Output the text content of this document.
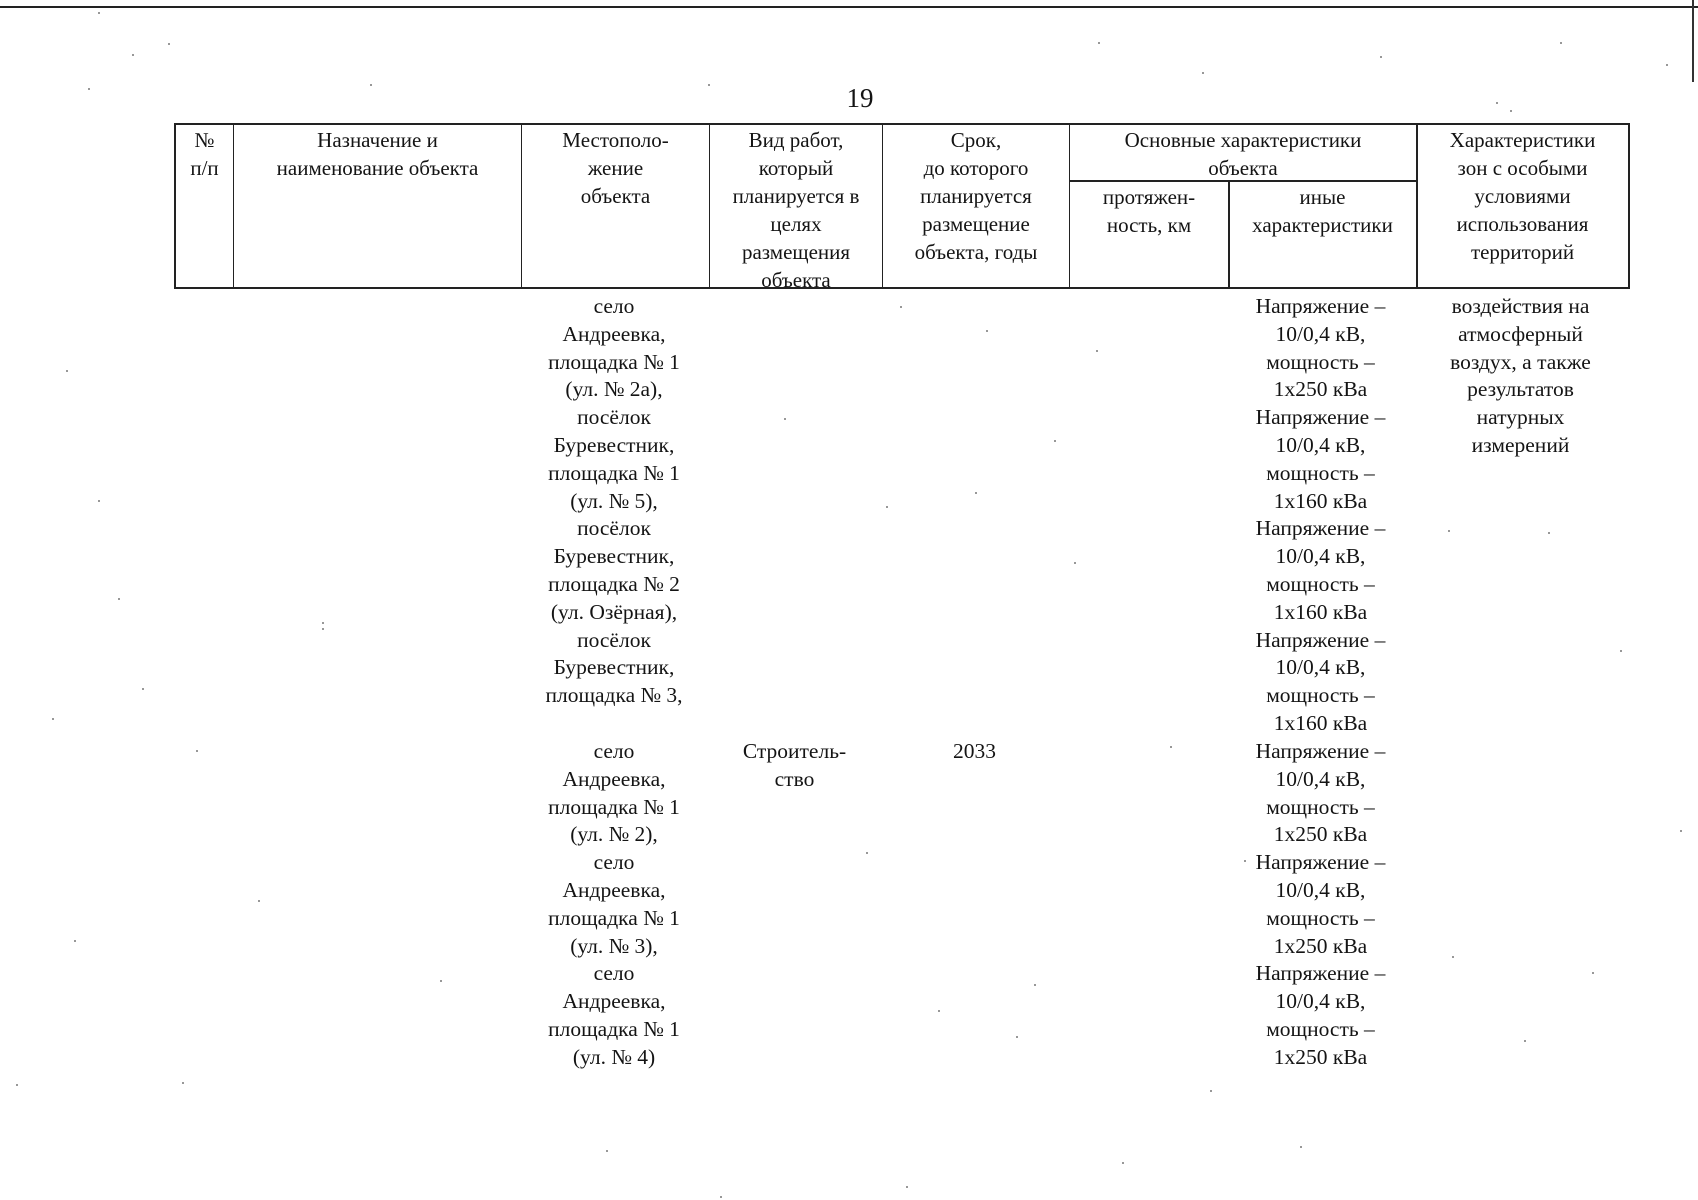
19
№
п/п
Назначение и
наименование объекта
Местополо-
жение
объекта
Вид работ,
который
планируется в
целях
размещения
объекта
Срок,
до которого
планируется
размещение
объекта, годы
Основные характеристики
объекта
протяжен-
ность, км
иные
характеристики
Характеристики
зон с особыми
условиями
использования
территорий
село
Андреевка,
площадка № 1
(ул. № 2а),
посёлок
Буревестник,
площадка № 1
(ул. № 5),
посёлок
Буревестник,
площадка № 2
(ул. Озёрная),
посёлок
Буревестник,
площадка № 3,
Напряжение –
10/0,4 кВ,
мощность –
1х250 кВа
Напряжение –
10/0,4 кВ,
мощность –
1х160 кВа
Напряжение –
10/0,4 кВ,
мощность –
1х160 кВа
Напряжение –
10/0,4 кВ,
мощность –
1х160 кВа
воздействия на
атмосферный
воздух, а также
результатов
натурных
измерений
село
Андреевка,
площадка № 1
(ул. № 2),
село
Андреевка,
площадка № 1
(ул. № 3),
село
Андреевка,
площадка № 1
(ул. № 4)
Строитель-
ство
2033	Напряжение –
10/0,4 кВ,
мощность –
1х250 кВа
Напряжение –
10/0,4 кВ,
мощность –
1х250 кВа
Напряжение –
10/0,4 кВ,
мощность –
1х250 кВа
